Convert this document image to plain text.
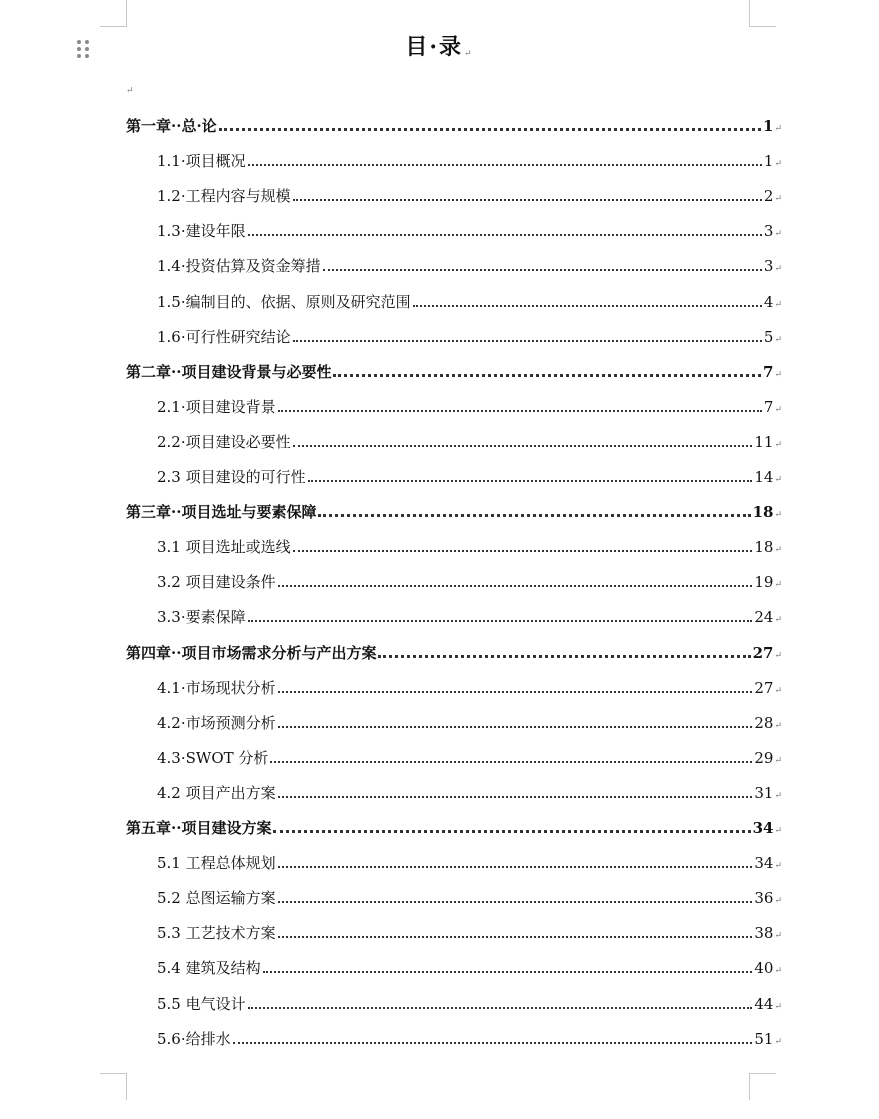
目·录↵
↵
第一章··总·论	1 ↵
1.1·项目概况	1 ↵
1.2·工程内容与规模	2 ↵
1.3·建设年限	3 ↵
1.4·投资估算及资金筹措	3 ↵
1.5·编制目的、依据、原则及研究范围	4 ↵
1.6·可行性研究结论	5 ↵
第二章··项目建设背景与必要性	7 ↵
2.1·项目建设背景	7 ↵
2.2·项目建设必要性	11 ↵
2.3 项目建设的可行性	14 ↵
第三章··项目选址与要素保障	18 ↵
3.1 项目选址或选线	18 ↵
3.2 项目建设条件	19 ↵
3.3·要素保障	24 ↵
第四章··项目市场需求分析与产出方案	27 ↵
4.1·市场现状分析	27 ↵
4.2·市场预测分析	28 ↵
4.3·SWOT 分析	29 ↵
4.2 项目产出方案	31 ↵
第五章··项目建设方案	34 ↵
5.1 工程总体规划	34 ↵
5.2 总图运输方案	36 ↵
5.3 工艺技术方案	38 ↵
5.4 建筑及结构	40 ↵
5.5 电气设计	44 ↵
5.6·给排水	51 ↵
